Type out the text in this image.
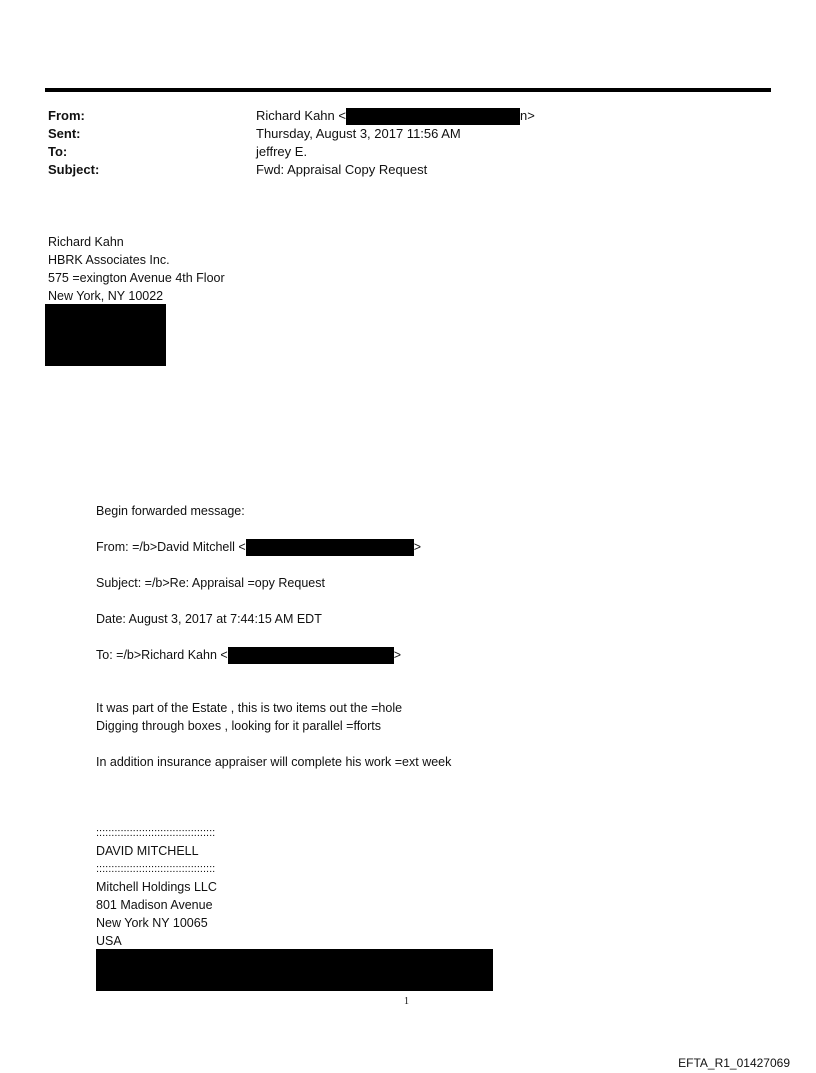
From:	Richard Kahn <	n>
Sent:	Thursday, August 3, 2017 11:56 AM
To:	jeffrey E.
Subject:	Fwd: Appraisal Copy Request
Richard Kahn
HBRK Associates Inc.
575 =exington Avenue 4th Floor
New York, NY 10022
Begin forwarded message:
From: =/b>David Mitchell <	>
Subject: =/b>Re: Appraisal =opy Request
Date: August 3, 2017 at 7:44:15 AM EDT
To: =/b>Richard Kahn <	>
It was part of the Estate , this is two items out the =hole
Digging through boxes , looking for it parallel =fforts
In addition insurance appraiser will complete his work =ext week
:::::::::::::::::::::::::::::::::::::::
DAVID MITCHELL
:::::::::::::::::::::::::::::::::::::::
Mitchell Holdings LLC
801 Madison Avenue
New York NY 10065
USA
1
EFTA_R1_01427069
